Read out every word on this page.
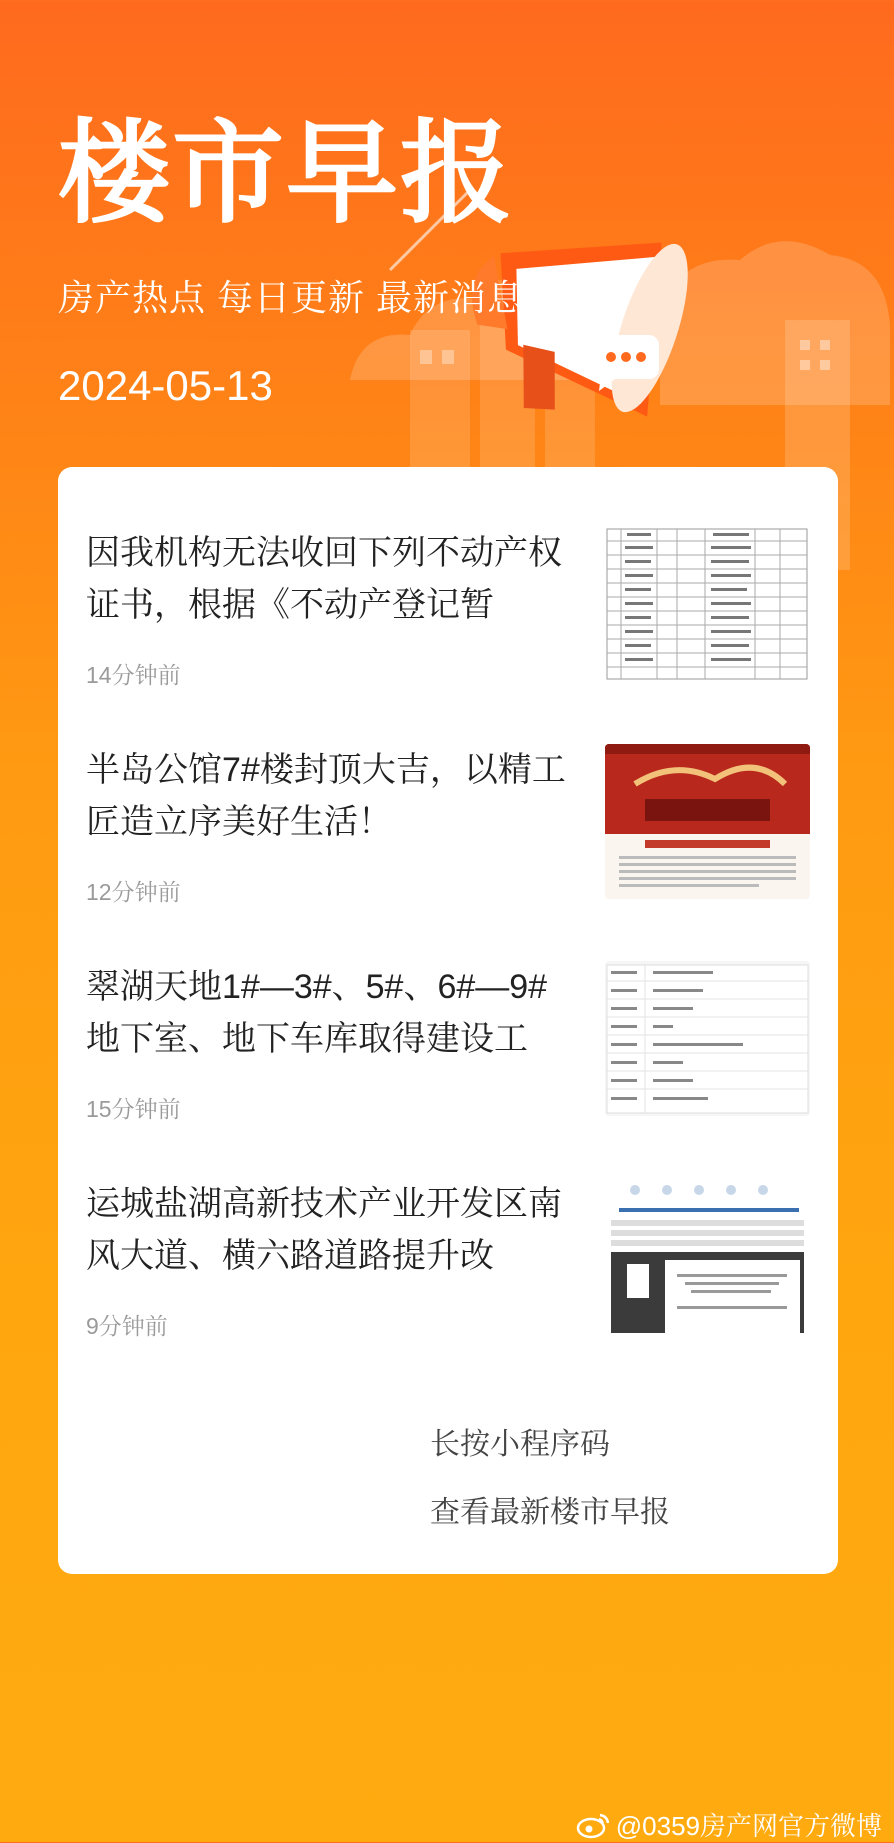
楼市早报
房产热点 每日更新 最新消息
2024-05-13
因我机构无法收回下列不动产权证书，根据《不动产登记暂
14分钟前
半岛公馆7#楼封顶大吉，以精工匠造立序美好生活！
12分钟前
翠湖天地1#—3#、5#、6#—9#地下室、地下车库取得建设工
15分钟前
运城盐湖高新技术产业开发区南风大道、横六路道路提升改
9分钟前
长按小程序码
查看最新楼市早报
@0359房产网官方微博
